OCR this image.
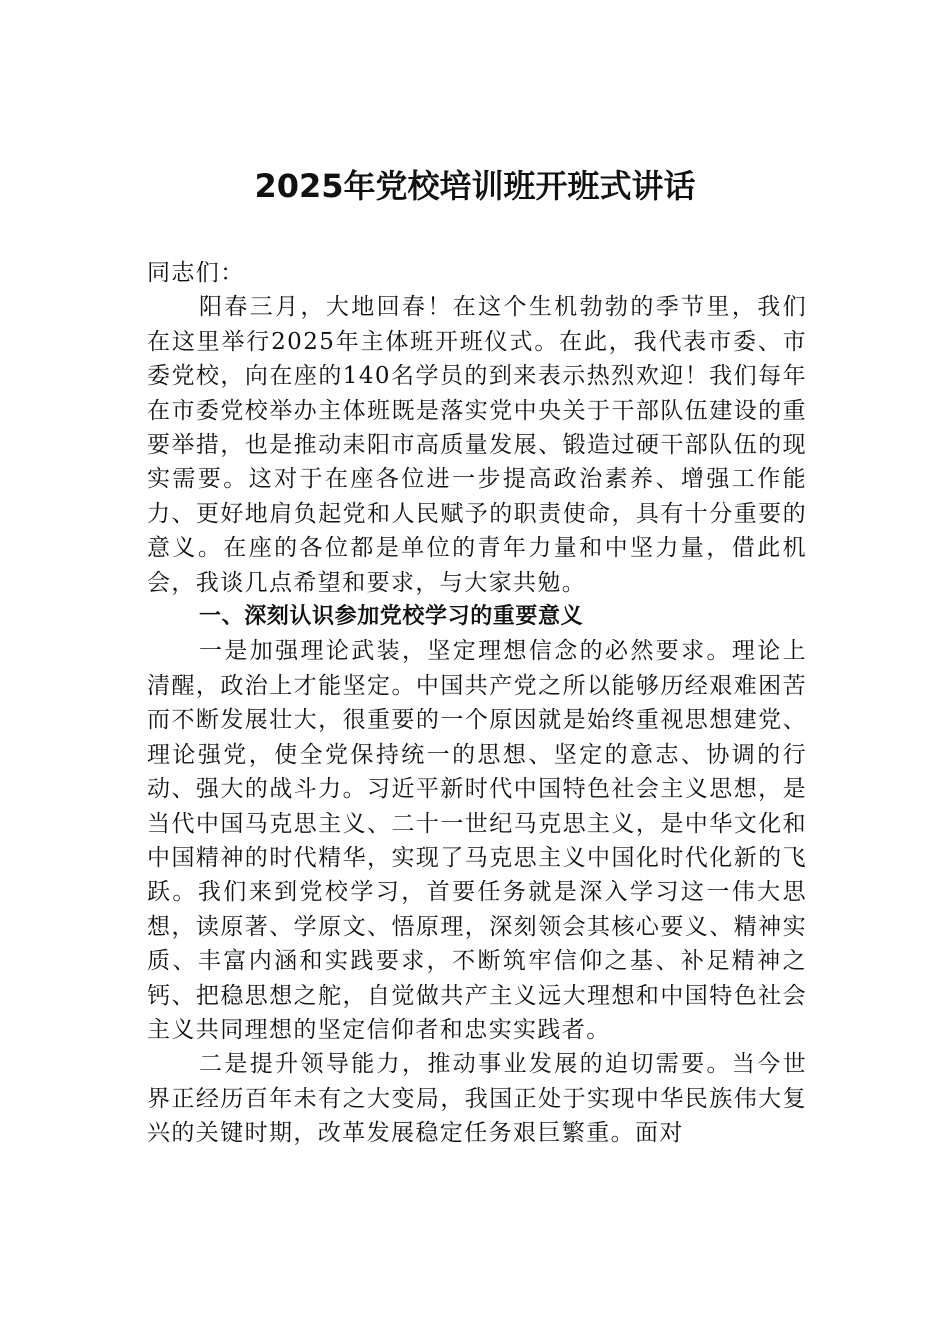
2025年党校培训班开班式讲话

同志们：

阳春三月，大地回春！在这个生机勃勃的季节里，我们在这里举行2025年主体班开班仪式。在此，我代表市委、市委党校，向在座的140名学员的到来表示热烈欢迎！我们每年在市委党校举办主体班既是落实党中央关于干部队伍建设的重要举措，也是推动耒阳市高质量发展、锻造过硬干部队伍的现实需要。这对于在座各位进一步提高政治素养、增强工作能力、更好地肩负起党和人民赋予的职责使命，具有十分重要的意义。在座的各位都是单位的青年力量和中坚力量，借此机会，我谈几点希望和要求，与大家共勉。

一、深刻认识参加党校学习的重要意义

一是加强理论武装，坚定理想信念的必然要求。理论上清醒，政治上才能坚定。中国共产党之所以能够历经艰难困苦而不断发展壮大，很重要的一个原因就是始终重视思想建党、理论强党，使全党保持统一的思想、坚定的意志、协调的行动、强大的战斗力。习近平新时代中国特色社会主义思想，是当代中国马克思主义、二十一世纪马克思主义，是中华文化和中国精神的时代精华，实现了马克思主义中国化时代化新的飞跃。我们来到党校学习，首要任务就是深入学习这一伟大思想，读原著、学原文、悟原理，深刻领会其核心要义、精神实质、丰富内涵和实践要求，不断筑牢信仰之基、补足精神之钙、把稳思想之舵，自觉做共产主义远大理想和中国特色社会主义共同理想的坚定信仰者和忠实实践者。

二是提升领导能力，推动事业发展的迫切需要。当今世界正经历百年未有之大变局，我国正处于实现中华民族伟大复兴的关键时期，改革发展稳定任务艰巨繁重。面对
